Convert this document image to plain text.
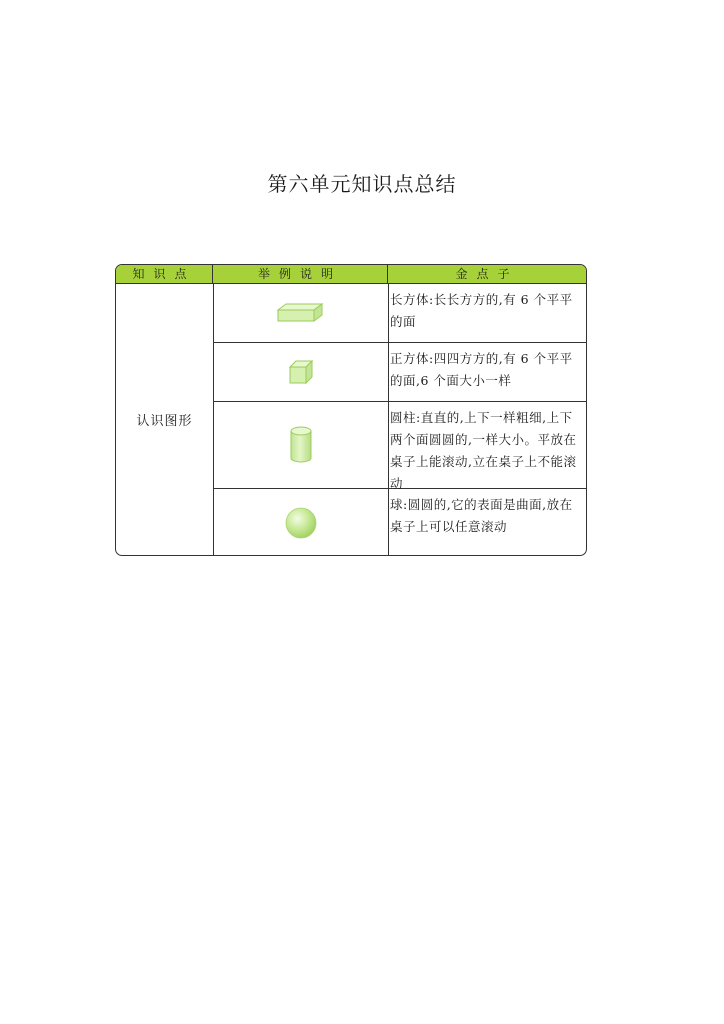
第六单元知识点总结
知识点	举例说明	金点子
认识图形
长方体:长长方方的,有 6 个平平的面
正方体:四四方方的,有 6 个平平的面,6 个面大小一样
圆柱:直直的,上下一样粗细,上下两个面圆圆的,一样大小。平放在桌子上能滚动,立在桌子上不能滚动
球:圆圆的,它的表面是曲面,放在桌子上可以任意滚动
